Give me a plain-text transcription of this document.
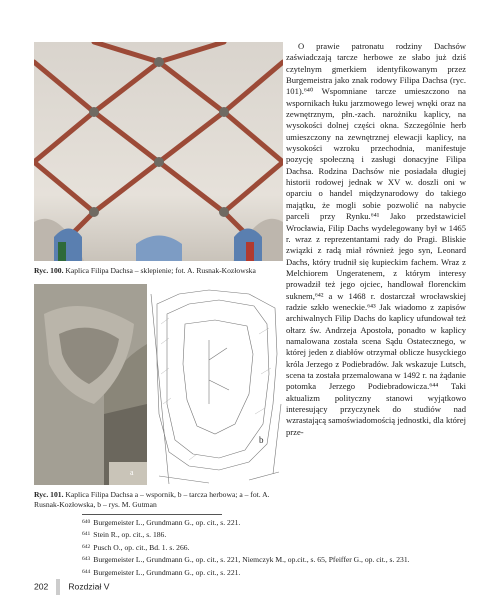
Ryc. 100. Kaplica Filipa Dachsa – sklepienie; fot. A. Rusnak-Kozłowska
a
b
Ryc. 101. Kaplica Filipa Dachsa a – wspornik, b – tarcza herbowa; a – fot. A. Rusnak-Kozłowska, b – rys. M. Gutman

O prawie patronatu rodziny Dachsów zaświadczają tarcze herbowe ze słabo już dziś czytelnym gmerkiem identyfikowanym przez Burgemeistra jako znak rodowy Filipa Dachsa (ryc. 101).⁶⁴⁰ Wspomniane tarcze umieszczono na wspornikach łuku jarzmowego lewej wnęki oraz na zewnętrznym, płn.-zach. narożniku kaplicy, na wysokości dolnej części okna. Szczególnie herb umieszczony na zewnętrznej elewacji kaplicy, na wysokości wzroku przechodnia, manifestuje pozycję społeczną i zasługi donacyjne Filipa Dachsa. Rodzina Dachsów nie posiadała długiej historii rodowej jednak w XV w. doszli oni w oparciu o handel międzynarodowy do takiego majątku, że mogli sobie pozwolić na nabycie parceli przy Rynku.⁶⁴¹ Jako przedstawiciel Wrocławia, Filip Dachs wydelegowany był w 1465 r. wraz z reprezentantami rady do Pragi. Bliskie związki z radą miał również jego syn, Leonard Dachs, który trudnił się kupieckim fachem. Wraz z Melchiorem Ungeratenem, z którym interesy prowadził też jego ojciec, handlował florenckim suknem,⁶⁴² a w 1468 r. dostarczał wrocławskiej radzie szkło weneckie.⁶⁴³ Jak wiadomo z zapisów archiwalnych Filip Dachs do kaplicy ufundował też ołtarz św. Andrzeja Apostoła, ponadto w kaplicy namalowana została scena Sądu Ostatecznego, w której jeden z diabłów otrzymał oblicze husyckiego króla Jerzego z Podiebradów. Jak wskazuje Lutsch, scena ta została przemalowana w 1492 r. na żądanie potomka Jerzego Podiebradowicza.⁶⁴⁴ Taki aktualizm polityczny stanowi wyjątkowo interesujący przyczynek do studiów nad wzrastającą samoświadomością jednostki, dla której prze-

$^{640}$ Burgemeister L., Grundmann G., op. cit., s. 221.
$^{641}$ Stein R., op. cit., s. 186.
$^{642}$ Pusch O., op. cit., Bd. 1. s. 266.
$^{643}$ Burgemeister L., Grundmann G., op. cit., s. 221, Niemczyk M., op.cit., s. 65, Pfeiffer G., op. cit., s. 231.
$^{644}$ Burgemeister L., Grundmann G., op. cit., s. 221.
202 Rozdział V
